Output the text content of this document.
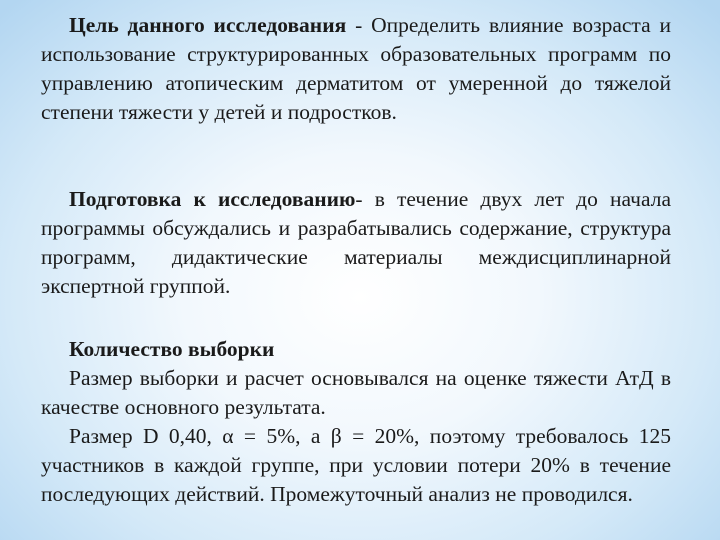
Цель данного исследования - Определить влияние возраста и использование структурированных образовательных программ по управлению атопическим дерматитом от умеренной до тяжелой степени тяжести у детей и подростков.
Подготовка к исследованию- в течение двух лет до начала программы обсуждались и разрабатывались содержание, структура программ, дидактические материалы междисциплинарной экспертной группой.
Количество выборки
Размер выборки и расчет основывался на оценке тяжести АтД в качестве основного результата.
Размер D 0,40, α = 5%, а β = 20%, поэтому требовалось 125 участников в каждой группе, при условии потери 20% в течение последующих действий. Промежуточный анализ не проводился.
